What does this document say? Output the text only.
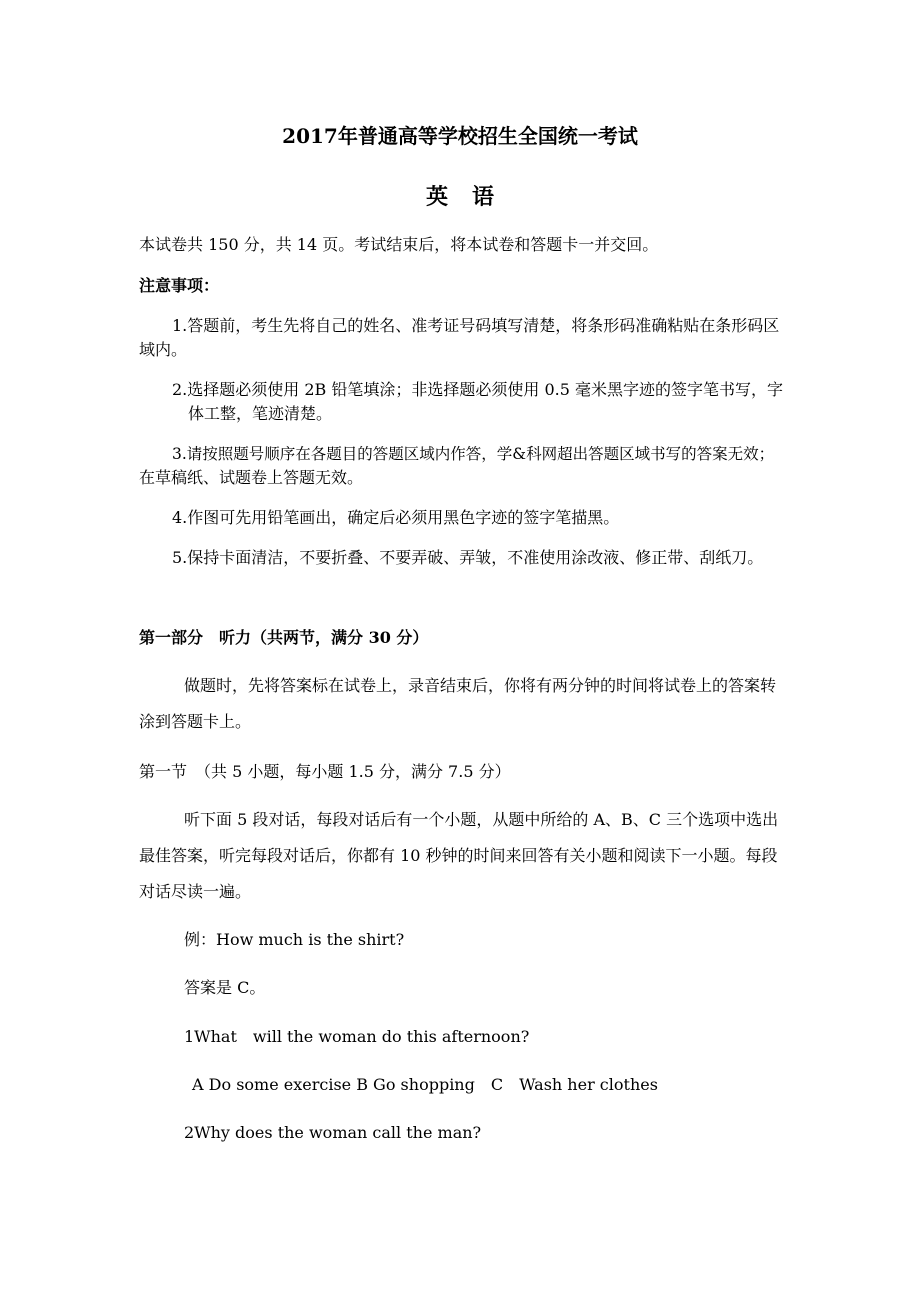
2017年普通高等学校招生全国统一考试
英语
本试卷共 150 分，共 14 页。考试结束后，将本试卷和答题卡一并交回。
注意事项：
1.答题前，考生先将自己的姓名、准考证号码填写清楚，将条形码准确粘贴在条形码区
域内。
2.选择题必须使用 2B 铅笔填涂；非选择题必须使用 0.5 毫米黑字迹的签字笔书写，字
体工整，笔迹清楚。
3.请按照题号顺序在各题目的答题区域内作答，学&科网超出答题区域书写的答案无效；
在草稿纸、试题卷上答题无效。
4.作图可先用铅笔画出，确定后必须用黑色字迹的签字笔描黑。
5.保持卡面清洁，不要折叠、不要弄破、弄皱，不准使用涂改液、修正带、刮纸刀。
第一部分　听力（共两节，满分 30 分）
做题时，先将答案标在试卷上，录音结束后，你将有两分钟的时间将试卷上的答案转
涂到答题卡上。
第一节　（共 5 小题，每小题 1.5 分，满分 7.5 分）
听下面 5 段对话，每段对话后有一个小题，从题中所给的 A、B、C 三个选项中选出
最佳答案，听完每段对话后，你都有 10 秒钟的时间来回答有关小题和阅读下一小题。每段
对话尽读一遍。
例：How much is the shirt?
答案是 C。
1What　will the woman do this afternoon?
A Do some exercise B Go shopping　C　Wash her clothes
2Why does the woman call the man?
